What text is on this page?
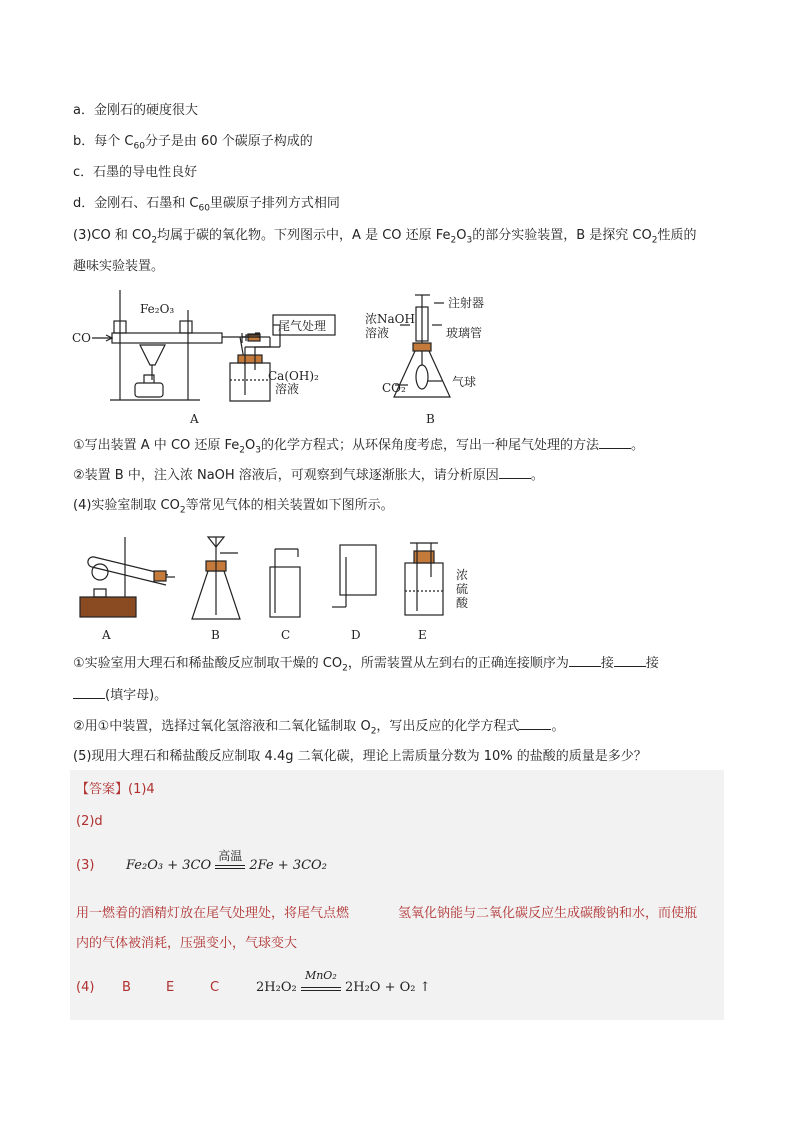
a．金刚石的硬度很大
b．每个 $C_{60}$分子是由 60 个碳原子构成的
c．石墨的导电性良好
d．金刚石、石墨和 $C_{60}$里碳原子排列方式相同
(3)CO 和 $CO_2$均属于碳的氧化物。下列图示中，A 是 CO 还原 $Fe_2O_3$的部分实验装置，B 是探究 $CO_2$性质的
趣味实验装置。
CO
Fe₂O₃
尾气处理
Ca(OH)₂
溶液
A
注射器
浓NaOH
溶液	玻璃管
CO₂	气球
B
①写出装置 A 中 CO 还原 $Fe_2O_3$的化学方程式；从环保角度考虑，写出一种尾气处理的方法 。
②装置 B 中，注入浓 NaOH 溶液后，可观察到气球逐渐胀大，请分析原因 。
(4)实验室制取 $CO_2$等常见气体的相关装置如下图所示。
A	B	C	D	E
浓
硫
酸
①实验室用大理石和稀盐酸反应制取干燥的 $CO_2$，所需装置从左到右的正确连接顺序为 接 接
(填字母)。
②用①中装置，选择过氧化氢溶液和二氧化锰制取 $O_2$，写出反应的化学方程式 。
(5)现用大理石和稀盐酸反应制取 4.4g 二氧化碳，理论上需质量分数为 10% 的盐酸的质量是多少？
【答案】(1)4
(2)d
(3) Fe₂O₃ + 3CO
高温
2Fe + 3CO₂
用一燃着的酒精灯放在尾气处理处，将尾气点燃	氢氧化钠能与二氧化碳反应生成碳酸钠和水，而使瓶
内的气体被消耗，压强变小，气球变大
(4) B	E	C	2H₂O₂
MnO₂
2H₂O + O₂ ↑
